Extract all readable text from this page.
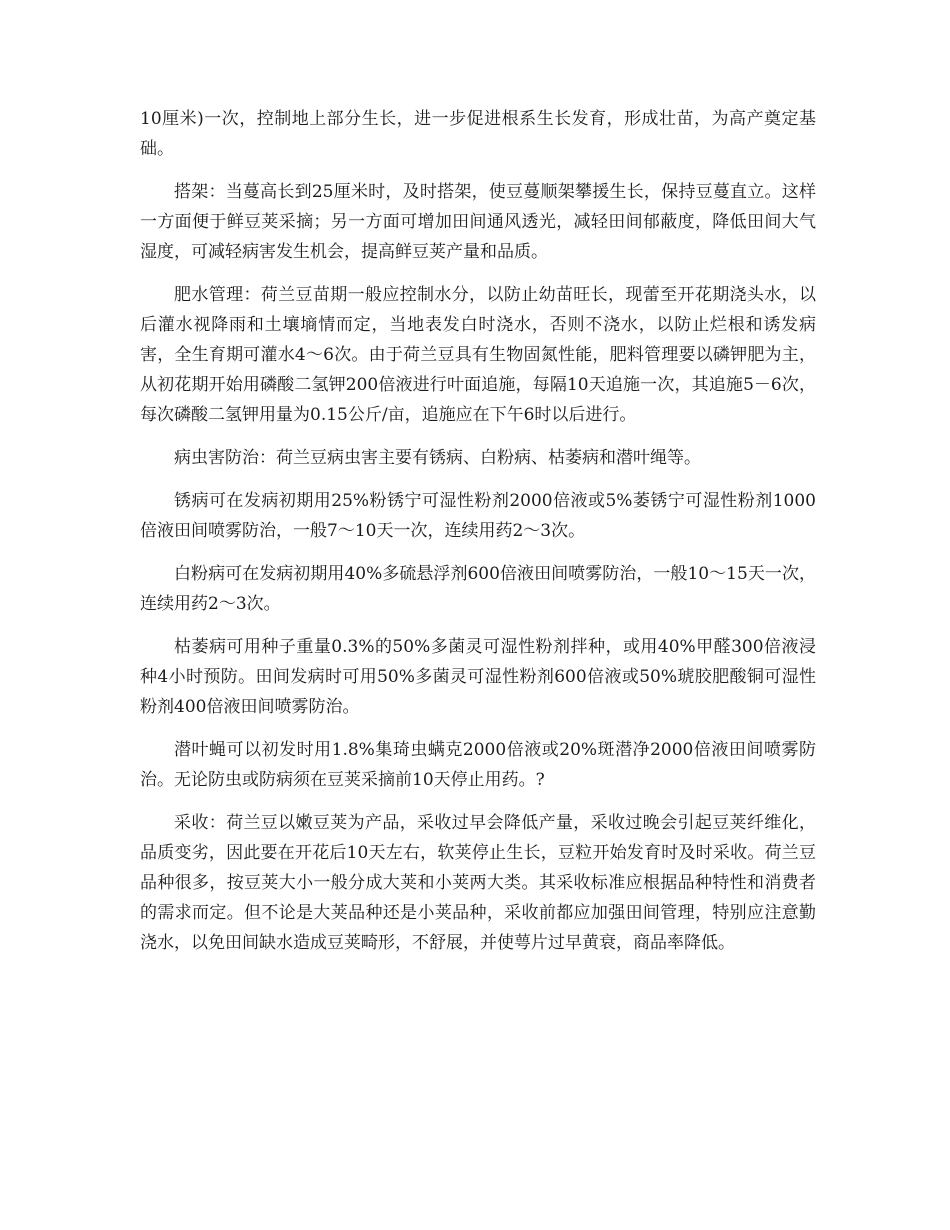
10厘米)一次，控制地上部分生长，进一步促进根系生长发育，形成壮苗，为高产奠定基础。

搭架：当蔓高长到25厘米时，及时搭架，使豆蔓顺架攀援生长，保持豆蔓直立。这样一方面便于鲜豆荚采摘；另一方面可增加田间通风透光，减轻田间郁蔽度，降低田间大气湿度，可减轻病害发生机会，提高鲜豆荚产量和品质。

肥水管理：荷兰豆苗期一般应控制水分，以防止幼苗旺长，现蕾至开花期浇头水，以后灌水视降雨和土壤墒情而定，当地表发白时浇水，否则不浇水，以防止烂根和诱发病害，全生育期可灌水4～6次。由于荷兰豆具有生物固氮性能，肥料管理要以磷钾肥为主，从初花期开始用磷酸二氢钾200倍液进行叶面追施，每隔10天追施一次，其追施5－6次，每次磷酸二氢钾用量为0.15公斤/亩，追施应在下午6时以后进行。

病虫害防治：荷兰豆病虫害主要有锈病、白粉病、枯萎病和潜叶绳等。

锈病可在发病初期用25%粉锈宁可湿性粉剂2000倍液或5%萎锈宁可湿性粉剂1000倍液田间喷雾防治，一般7～10天一次，连续用药2～3次。

白粉病可在发病初期用40%多硫悬浮剂600倍液田间喷雾防治，一般10～15天一次，连续用药2～3次。

枯萎病可用种子重量0.3%的50%多菌灵可湿性粉剂拌种，或用40%甲醛300倍液浸种4小时预防。田间发病时可用50%多菌灵可湿性粉剂600倍液或50%琥胶肥酸铜可湿性粉剂400倍液田间喷雾防治。

潜叶蝇可以初发时用1.8%集琦虫螨克2000倍液或20%斑潜净2000倍液田间喷雾防治。无论防虫或防病须在豆荚采摘前10天停止用药。?

采收：荷兰豆以嫩豆荚为产品，采收过早会降低产量，采收过晚会引起豆荚纤维化，品质变劣，因此要在开花后10天左右，软荚停止生长，豆粒开始发育时及时采收。荷兰豆品种很多，按豆荚大小一般分成大荚和小荚两大类。其采收标准应根据品种特性和消费者的需求而定。但不论是大荚品种还是小荚品种，采收前都应加强田间管理，特别应注意勤浇水，以免田间缺水造成豆荚畸形，不舒展，并使萼片过早黄衰，商品率降低。
